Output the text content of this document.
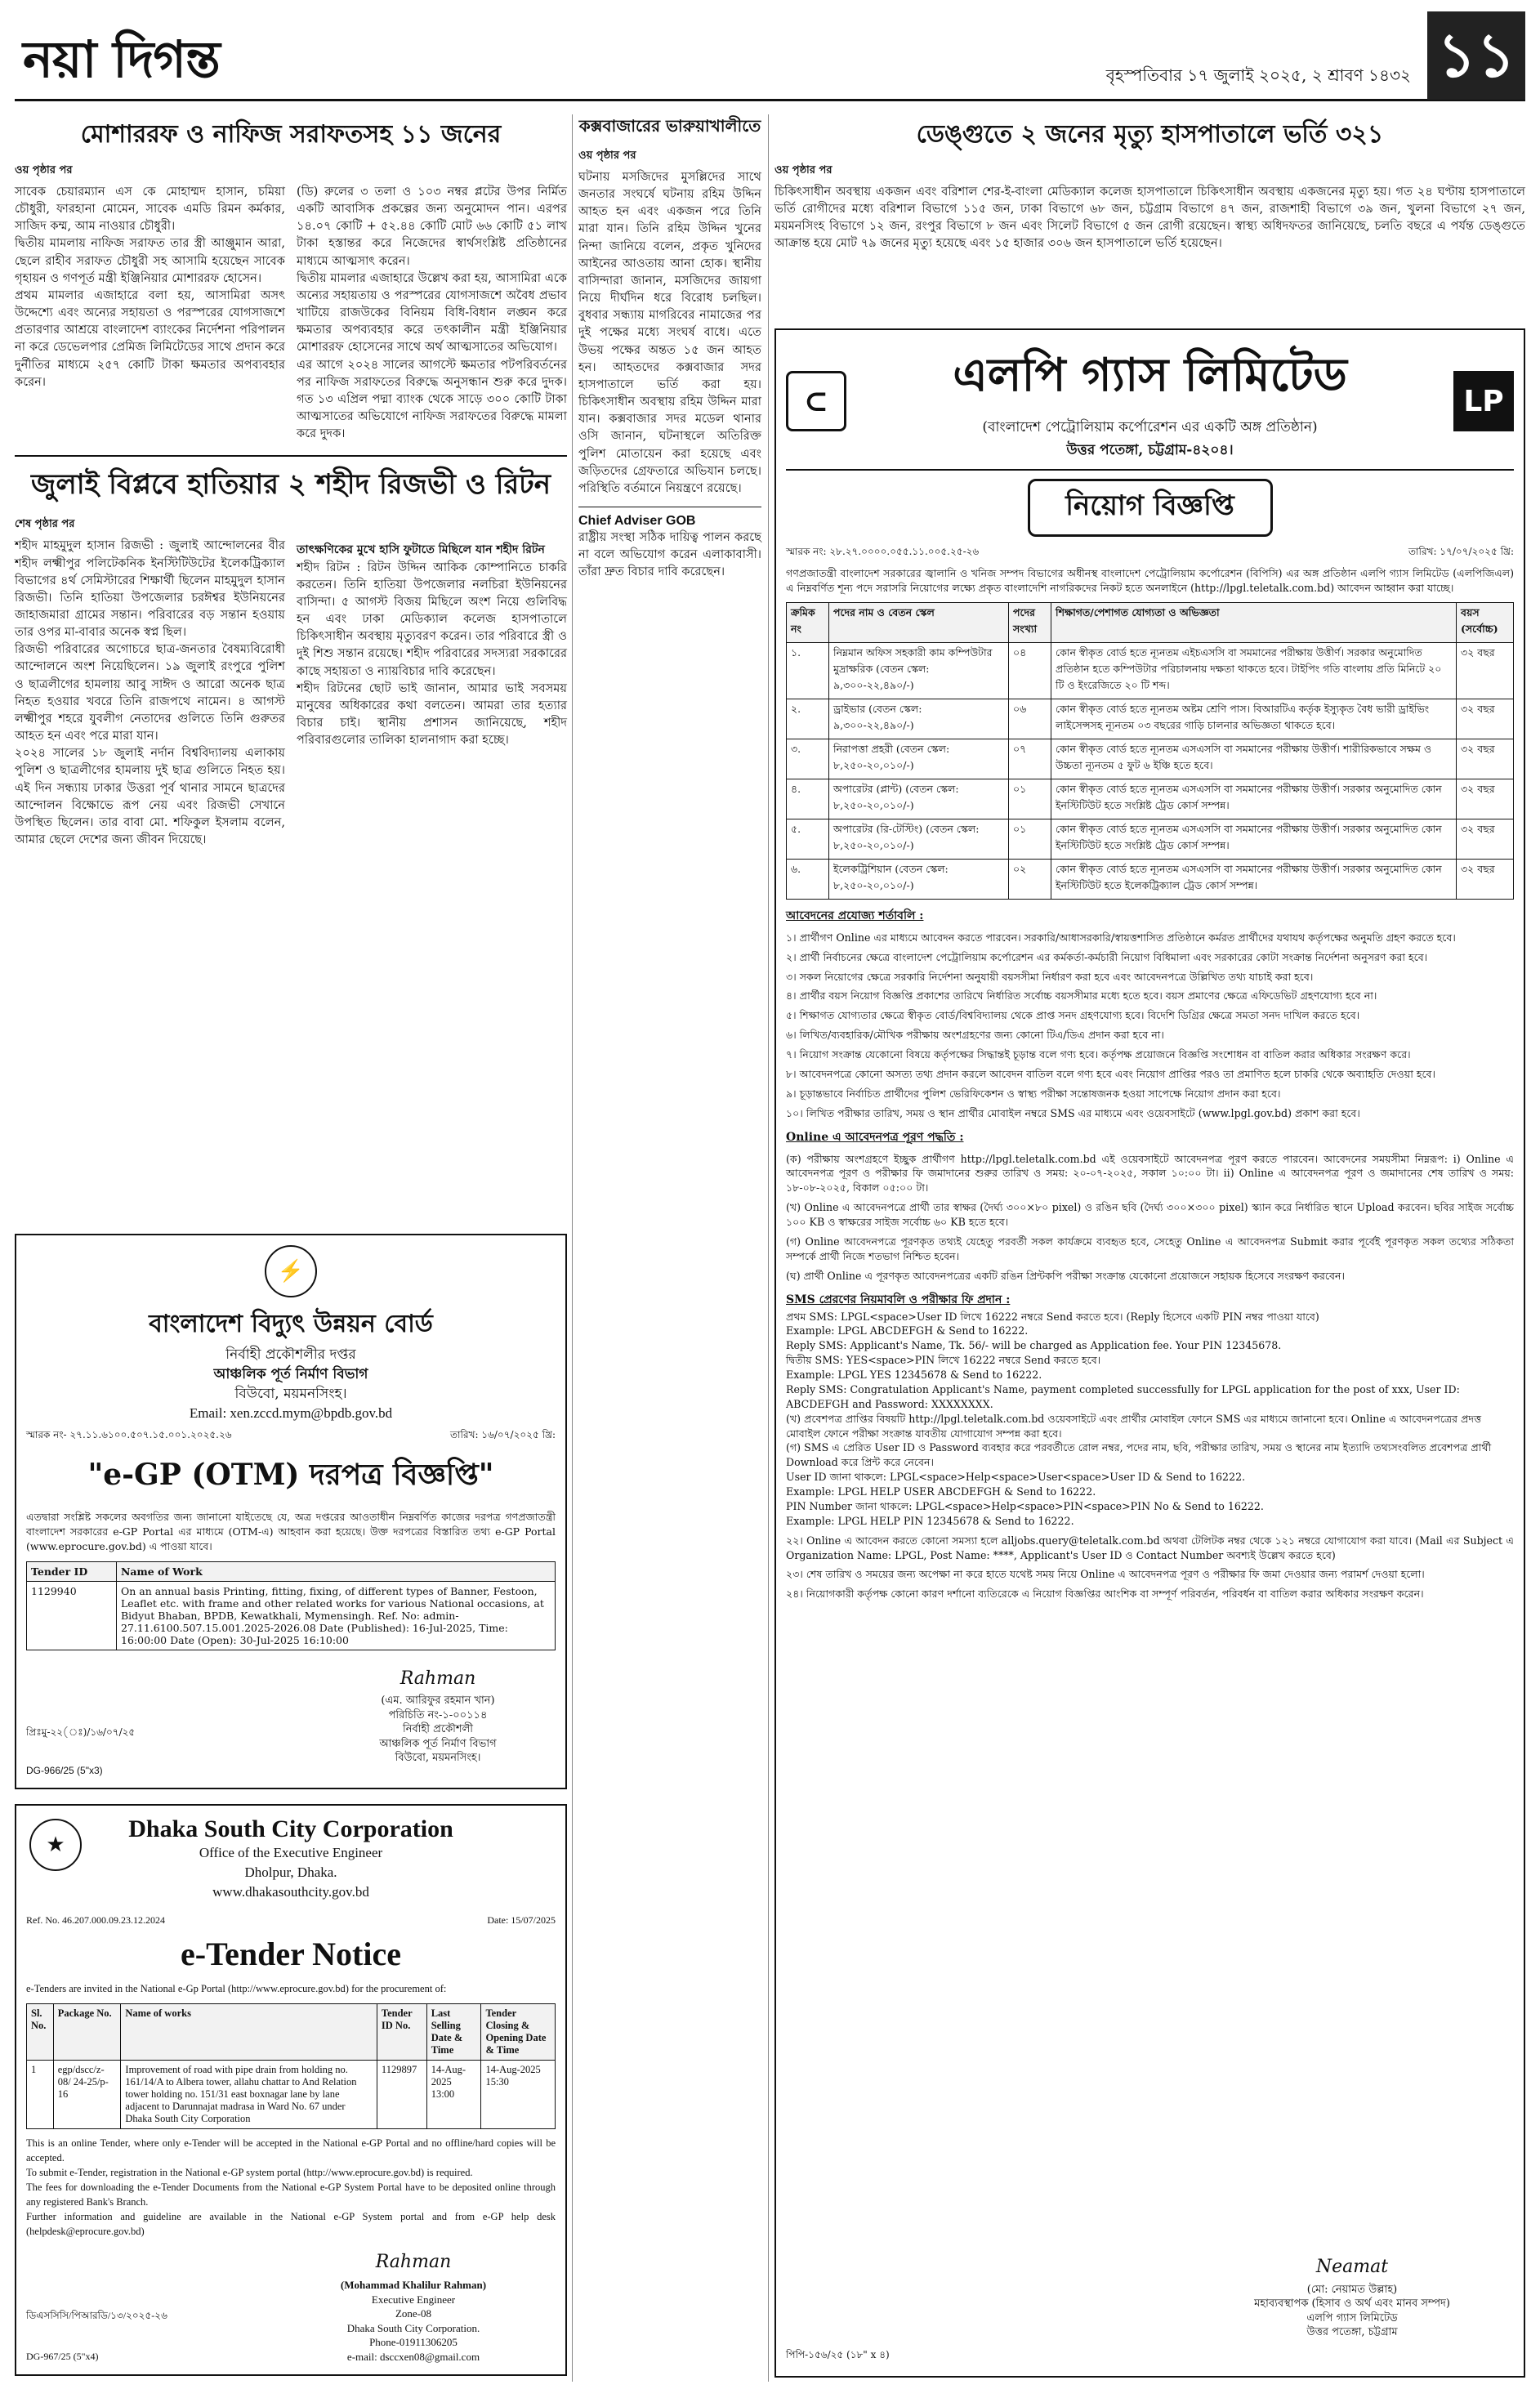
নয়া দিগন্ত	বৃহস্পতিবার ১৭ জুলাই ২০২৫, ২ শ্রাবণ ১৪৩২ ১১
মোশাররফ ও নাফিজ সরাফতসহ ১১ জনের
ওয় পৃষ্ঠার পর

সাবেক চেয়ারম্যান এস কে মোহাম্মদ হাসান, চমিয়া চৌধুরী, ফারহানা মোমেন, সাবেক এমডি রিমন কর্মকার, সাজিদ কম্ম, আম নাওয়ার চৌধুরী।

দ্বিতীয় মামলায় নাফিজ সরাফত তার স্ত্রী আঞ্জুমান আরা, ছেলে রাহীব সরাফত চৌধুরী সহ আসামি হয়েছেন সাবেক গৃহায়ন ও গণপূর্ত মন্ত্রী ইঞ্জিনিয়ার মোশাররফ হোসেন।

প্রথম মামলার এজাহারে বলা হয়, আসামিরা অসৎ উদ্দেশ্যে এবং অন্যের সহায়তা ও পরস্পরের যোগসাজশে প্রতারণার আশ্রয়ে বাংলাদেশ ব্যাংকের নির্দেশনা পরিপালন না করে ডেভেলপার প্রেমিজ লিমিটেডের সাথে প্রদান করে দুর্নীতির মাধ্যমে ২৫৭ কোটি টাকা ক্ষমতার অপব্যবহার করেন।

(ডি) রুলের ৩ তলা ও ১০৩ নম্বর প্লটের উপর নির্মিত একটি আবাসিক প্রকল্পের জন্য অনুমোদন পান। এরপর ১৪.০৭ কোটি + ৫২.৪৪ কোটি মোট ৬৬ কোটি ৫১ লাখ টাকা হস্তান্তর করে নিজেদের স্বার্থসংশ্লিষ্ট প্রতিষ্ঠানের মাধ্যমে আত্মসাৎ করেন।

দ্বিতীয় মামলার এজাহারে উল্লেখ করা হয়, আসামিরা একে অন্যের সহায়তায় ও পরস্পরের যোগসাজশে অবৈধ প্রভাব খাটিয়ে রাজউকের বিনিয়ম বিধি-বিধান লঙ্ঘন করে ক্ষমতার অপব্যবহার করে তৎকালীন মন্ত্রী ইঞ্জিনিয়ার মোশাররফ হোসেনের সাথে অর্থ আত্মসাতের অভিযোগ।

এর আগে ২০২৪ সালের আগস্টে ক্ষমতার পটপরিবর্তনের পর নাফিজ সরাফতের বিরুদ্ধে অনুসন্ধান শুরু করে দুদক। গত ১৩ এপ্রিল পদ্মা ব্যাংক থেকে সাড়ে ৩০০ কোটি টাকা আত্মসাতের অভিযোগে নাফিজ সরাফতের বিরুদ্ধে মামলা করে দুদক।

জুলাই বিপ্লবে হাতিয়ার ২ শহীদ রিজভী ও রিটন
শেষ পৃষ্ঠার পর

শহীদ মাহমুদুল হাসান রিজভী : জুলাই আন্দোলনের বীর শহীদ লক্ষ্মীপুর পলিটেকনিক ইনস্টিটিউটের ইলেকট্রিক্যাল বিভাগের ৪র্থ সেমিস্টারের শিক্ষার্থী ছিলেন মাহমুদুল হাসান রিজভী। তিনি হাতিয়া উপজেলার চরঈশ্বর ইউনিয়নের জাহাজমারা গ্রামের সন্তান। পরিবারের বড় সন্তান হওয়ায় তার ওপর মা-বাবার অনেক স্বপ্ন ছিল।

রিজভী পরিবারের অগোচরে ছাত্র-জনতার বৈষম্যবিরোধী আন্দোলনে অংশ নিয়েছিলেন। ১৯ জুলাই রংপুরে পুলিশ ও ছাত্রলীগের হামলায় আবু সাঈদ ও আরো অনেক ছাত্র নিহত হওয়ার খবরে তিনি রাজপথে নামেন। ৪ আগস্ট লক্ষ্মীপুর শহরে যুবলীগ নেতাদের গুলিতে তিনি গুরুতর আহত হন এবং পরে মারা যান।

২০২৪ সালের ১৮ জুলাই নর্দান বিশ্ববিদ্যালয় এলাকায় পুলিশ ও ছাত্রলীগের হামলায় দুই ছাত্র গুলিতে নিহত হয়। এই দিন সন্ধ্যায় ঢাকার উত্তরা পূর্ব থানার সামনে ছাত্রদের আন্দোলন বিক্ষোভে রূপ নেয় এবং রিজভী সেখানে উপস্থিত ছিলেন। তার বাবা মো. শফিকুল ইসলাম বলেন, আমার ছেলে দেশের জন্য জীবন দিয়েছে।

তাৎক্ষণিকের মুখে হাসি ফুটাতে মিছিলে যান শহীদ রিটন

শহীদ রিটন : রিটন উদ্দিন আকিক কোম্পানিতে চাকরি করতেন। তিনি হাতিয়া উপজেলার নলচিরা ইউনিয়নের বাসিন্দা। ৫ আগস্ট বিজয় মিছিলে অংশ নিয়ে গুলিবিদ্ধ হন এবং ঢাকা মেডিক্যাল কলেজ হাসপাতালে চিকিৎসাধীন অবস্থায় মৃত্যুবরণ করেন। তার পরিবারে স্ত্রী ও দুই শিশু সন্তান রয়েছে। শহীদ পরিবারের সদস্যরা সরকারের কাছে সহায়তা ও ন্যায়বিচার দাবি করেছেন।

শহীদ রিটনের ছোট ভাই জানান, আমার ভাই সবসময় মানুষের অধিকারের কথা বলতেন। আমরা তার হত্যার বিচার চাই। স্থানীয় প্রশাসন জানিয়েছে, শহীদ পরিবারগুলোর তালিকা হালনাগাদ করা হচ্ছে।

⚡
বাংলাদেশ বিদ্যুৎ উন্নয়ন বোর্ড
নির্বাহী প্রকৌশলীর দপ্তর
আঞ্চলিক পূর্ত নির্মাণ বিভাগ
বিউবো, ময়মনসিংহ।
Email: xen.zccd.mym@bpdb.gov.bd
স্মারক নং- ২৭.১১.৬১০০.৫০৭.১৫.০০১.২০২৫.২৬	তারিখ: ১৬/০৭/২০২৫ খ্রি:
"e-GP (OTM) দরপত্র বিজ্ঞপ্তি"

এতদ্বারা সংশ্লিষ্ট সকলের অবগতির জন্য জানানো যাইতেছে যে, অত্র দপ্তরের আওতাধীন নিম্নবর্ণিত কাজের দরপত্র গণপ্রজাতন্ত্রী বাংলাদেশ সরকারের e-GP Portal এর মাধ্যমে (OTM-এ) আহবান করা হয়েছে। উক্ত দরপত্রের বিস্তারিত তথ্য e-GP Portal (www.eprocure.gov.bd) এ পাওয়া যাবে।

Tender ID	Name of Work
1129940	On an annual basis Printing, fitting, fixing, of different types of Banner, Festoon, Leaflet etc. with frame and other related works for various National occasions, at Bidyut Bhaban, BPDB, Kewatkhali, Mymensingh. Ref. No: admin-27.11.6100.507.15.001.2025-2026.08 Date (Published): 16-Jul-2025, Time: 16:00:00 Date (Open): 30-Jul-2025 16:10:00
Rahman
(এম. আরিফুর রহমান খান)
পরিচিতি নং-১-০০১১৪
নির্বাহী প্রকৌশলী
আঞ্চলিক পূর্ত নির্মাণ বিভাগ
বিউবো, ময়মনসিংহ।
প্রিঃমু-২২(ঃ)/১৬/০৭/২৫
DG-966/25 (5"x3)
★
Dhaka South City Corporation
Office of the Executive Engineer
Dholpur, Dhaka.
www.dhakasouthcity.gov.bd
Ref. No. 46.207.000.09.23.12.2024	Date: 15/07/2025
e-Tender Notice

e-Tenders are invited in the National e-Gp Portal (http://www.eprocure.gov.bd) for the procurement of:

Sl. No.	Package No.	Name of works	Tender ID No.	Last Selling Date & Time	Tender Closing & Opening Date & Time
1	egp/dscc/z-08/ 24-25/p-16	Improvement of road with pipe drain from holding no. 161/14/A to Albera tower, allahu chattar to And Relation tower holding no. 151/31 east boxnagar lane by lane adjacent to Darunnajat madrasa in Ward No. 67 under Dhaka South City Corporation	1129897	14-Aug-2025 13:00	14-Aug-2025 15:30

This is an online Tender, where only e-Tender will be accepted in the National e-GP Portal and no offline/hard copies will be accepted.

To submit e-Tender, registration in the National e-GP system portal (http://www.eprocure.gov.bd) is required.

The fees for downloading the e-Tender Documents from the National e-GP System Portal have to be deposited online through any registered Bank's Branch.

Further information and guideline are available in the National e-GP System portal and from e-GP help desk (helpdesk@eprocure.gov.bd)

Rahman
(Mohammad Khalilur Rahman)
Executive Engineer
Zone-08
Dhaka South City Corporation.
Phone-01911306205
e-mail: dsccxen08@gmail.com
ডিএসসিসি/পিআরডি/১৩/২০২৫-২৬
DG-967/25 (5"x4)
কক্সবাজারের ভারুয়াখালীতে
ওয় পৃষ্ঠার পর

ঘটনায় মসজিদের মুসল্লিদের সাথে জনতার সংঘর্ষে ঘটনায় রহিম উদ্দিন আহত হন এবং একজন পরে তিনি মারা যান। তিনি রহিম উদ্দিন খুনের নিন্দা জানিয়ে বলেন, প্রকৃত খুনিদের আইনের আওতায় আনা হোক। স্থানীয় বাসিন্দারা জানান, মসজিদের জায়গা নিয়ে দীর্ঘদিন ধরে বিরোধ চলছিল। বুধবার সন্ধ্যায় মাগরিবের নামাজের পর দুই পক্ষের মধ্যে সংঘর্ষ বাধে। এতে উভয় পক্ষের অন্তত ১৫ জন আহত হন। আহতদের কক্সবাজার সদর হাসপাতালে ভর্তি করা হয়। চিকিৎসাধীন অবস্থায় রহিম উদ্দিন মারা যান। কক্সবাজার সদর মডেল থানার ওসি জানান, ঘটনাস্থলে অতিরিক্ত পুলিশ মোতায়েন করা হয়েছে এবং জড়িতদের গ্রেফতারে অভিযান চলছে। পরিস্থিতি বর্তমানে নিয়ন্ত্রণে রয়েছে।

Chief Adviser GOB

রাষ্ট্রীয় সংস্থা সঠিক দায়িত্ব পালন করছে না বলে অভিযোগ করেন এলাকাবাসী। তাঁরা দ্রুত বিচার দাবি করেছেন।

ডেঙ্গুতে ২ জনের মৃত্যু হাসপাতালে ভর্তি ৩২১
ওয় পৃষ্ঠার পর

চিকিৎসাধীন অবস্থায় একজন এবং বরিশাল শের-ই-বাংলা মেডিক্যাল কলেজ হাসপাতালে চিকিৎসাধীন অবস্থায় একজনের মৃত্যু হয়। গত ২৪ ঘণ্টায় হাসপাতালে ভর্তি রোগীদের মধ্যে বরিশাল বিভাগে ১১৫ জন, ঢাকা বিভাগে ৬৮ জন, চট্টগ্রাম বিভাগে ৪৭ জন, রাজশাহী বিভাগে ৩৯ জন, খুলনা বিভাগে ২৭ জন, ময়মনসিংহ বিভাগে ১২ জন, রংপুর বিভাগে ৮ জন এবং সিলেট বিভাগে ৫ জন রোগী রয়েছেন। স্বাস্থ্য অধিদফতর জানিয়েছে, চলতি বছরে এ পর্যন্ত ডেঙ্গুতে আক্রান্ত হয়ে মোট ৭৯ জনের মৃত্যু হয়েছে এবং ১৫ হাজার ৩০৬ জন হাসপাতালে ভর্তি হয়েছেন।

⊂	এলপি গ্যাস লিমিটেড
(বাংলাদেশ পেট্রোলিয়াম কর্পোরেশন এর একটি অঙ্গ প্রতিষ্ঠান)
উত্তর পতেঙ্গা, চট্টগ্রাম-৪২০৪।
LP
নিয়োগ বিজ্ঞপ্তি
স্মারক নং: ২৮.২৭.০০০০.০৫৫.১১.০০৫.২৫-২৬	তারিখ: ১৭/০৭/২০২৫ খ্রি:

গণপ্রজাতন্ত্রী বাংলাদেশ সরকারের জ্বালানি ও খনিজ সম্পদ বিভাগের অধীনস্থ বাংলাদেশ পেট্রোলিয়াম কর্পোরেশন (বিপিসি) এর অঙ্গ প্রতিষ্ঠান এলপি গ্যাস লিমিটেড (এলপিজিএল) এ নিম্নবর্ণিত শূন্য পদে সরাসরি নিয়োগের লক্ষ্যে প্রকৃত বাংলাদেশি নাগরিকদের নিকট হতে অনলাইনে (http://lpgl.teletalk.com.bd) আবেদন আহ্বান করা যাচ্ছে।

ক্রমিক নং	পদের নাম ও বেতন স্কেল	পদের সংখ্যা	শিক্ষাগত/পেশাগত যোগ্যতা ও অভিজ্ঞতা	বয়স (সর্বোচ্চ)
১.	নিম্নমান অফিস সহকারী কাম কম্পিউটার মুদ্রাক্ষরিক (বেতন স্কেল: ৯,৩০০-২২,৪৯০/-)	০৪	কোন স্বীকৃত বোর্ড হতে ন্যূনতম এইচএসসি বা সমমানের পরীক্ষায় উত্তীর্ণ। সরকার অনুমোদিত প্রতিষ্ঠান হতে কম্পিউটার পরিচালনায় দক্ষতা থাকতে হবে। টাইপিং গতি বাংলায় প্রতি মিনিটে ২০ টি ও ইংরেজিতে ২০ টি শব্দ।	৩২ বছর
২.	ড্রাইভার (বেতন স্কেল: ৯,৩০০-২২,৪৯০/-)	০৬	কোন স্বীকৃত বোর্ড হতে ন্যূনতম অষ্টম শ্রেণি পাস। বিআরটিএ কর্তৃক ইস্যুকৃত বৈধ ভারী ড্রাইভিং লাইসেন্সসহ ন্যূনতম ০৩ বছরের গাড়ি চালনার অভিজ্ঞতা থাকতে হবে।	৩২ বছর
৩.	নিরাপত্তা প্রহরী (বেতন স্কেল: ৮,২৫০-২০,০১০/-)	০৭	কোন স্বীকৃত বোর্ড হতে ন্যূনতম এসএসসি বা সমমানের পরীক্ষায় উত্তীর্ণ। শারীরিকভাবে সক্ষম ও উচ্চতা ন্যূনতম ৫ ফুট ৬ ইঞ্চি হতে হবে।	৩২ বছর
৪.	অপারেটর (প্লান্ট) (বেতন স্কেল: ৮,২৫০-২০,০১০/-)	০১	কোন স্বীকৃত বোর্ড হতে ন্যূনতম এসএসসি বা সমমানের পরীক্ষায় উত্তীর্ণ। সরকার অনুমোদিত কোন ইনস্টিটিউট হতে সংশ্লিষ্ট ট্রেড কোর্স সম্পন্ন।	৩২ বছর
৫.	অপারেটর (রি-টেস্টিং) (বেতন স্কেল: ৮,২৫০-২০,০১০/-)	০১	কোন স্বীকৃত বোর্ড হতে ন্যূনতম এসএসসি বা সমমানের পরীক্ষায় উত্তীর্ণ। সরকার অনুমোদিত কোন ইনস্টিটিউট হতে সংশ্লিষ্ট ট্রেড কোর্স সম্পন্ন।	৩২ বছর
৬.	ইলেকট্রিশিয়ান (বেতন স্কেল: ৮,২৫০-২০,০১০/-)	০২	কোন স্বীকৃত বোর্ড হতে ন্যূনতম এসএসসি বা সমমানের পরীক্ষায় উত্তীর্ণ। সরকার অনুমোদিত কোন ইনস্টিটিউট হতে ইলেকট্রিক্যাল ট্রেড কোর্স সম্পন্ন।	৩২ বছর
আবেদনের প্রযোজ্য শর্তাবলি :

১। প্রার্থীগণ Online এর মাধ্যমে আবেদন করতে পারবেন। সরকারি/আধাসরকারি/স্বায়ত্তশাসিত প্রতিষ্ঠানে কর্মরত প্রার্থীদের যথাযথ কর্তৃপক্ষের অনুমতি গ্রহণ করতে হবে।

২। প্রার্থী নির্বাচনের ক্ষেত্রে বাংলাদেশ পেট্রোলিয়াম কর্পোরেশন এর কর্মকর্তা-কর্মচারী নিয়োগ বিধিমালা এবং সরকারের কোটা সংক্রান্ত নির্দেশনা অনুসরণ করা হবে।

৩। সকল নিয়োগের ক্ষেত্রে সরকারি নির্দেশনা অনুযায়ী বয়সসীমা নির্ধারণ করা হবে এবং আবেদনপত্রে উল্লিখিত তথ্য যাচাই করা হবে।

৪। প্রার্থীর বয়স নিয়োগ বিজ্ঞপ্তি প্রকাশের তারিখে নির্ধারিত সর্বোচ্চ বয়সসীমার মধ্যে হতে হবে। বয়স প্রমাণের ক্ষেত্রে এফিডেভিট গ্রহণযোগ্য হবে না।

৫। শিক্ষাগত যোগ্যতার ক্ষেত্রে স্বীকৃত বোর্ড/বিশ্ববিদ্যালয় থেকে প্রাপ্ত সনদ গ্রহণযোগ্য হবে। বিদেশি ডিগ্রির ক্ষেত্রে সমতা সনদ দাখিল করতে হবে।

৬। লিখিত/ব্যবহারিক/মৌখিক পরীক্ষায় অংশগ্রহণের জন্য কোনো টিএ/ডিএ প্রদান করা হবে না।

৭। নিয়োগ সংক্রান্ত যেকোনো বিষয়ে কর্তৃপক্ষের সিদ্ধান্তই চূড়ান্ত বলে গণ্য হবে। কর্তৃপক্ষ প্রয়োজনে বিজ্ঞপ্তি সংশোধন বা বাতিল করার অধিকার সংরক্ষণ করে।

৮। আবেদনপত্রে কোনো অসত্য তথ্য প্রদান করলে আবেদন বাতিল বলে গণ্য হবে এবং নিয়োগ প্রাপ্তির পরও তা প্রমাণিত হলে চাকরি থেকে অব্যাহতি দেওয়া হবে।

৯। চূড়ান্তভাবে নির্বাচিত প্রার্থীদের পুলিশ ভেরিফিকেশন ও স্বাস্থ্য পরীক্ষা সন্তোষজনক হওয়া সাপেক্ষে নিয়োগ প্রদান করা হবে।

১০। লিখিত পরীক্ষার তারিখ, সময় ও স্থান প্রার্থীর মোবাইল নম্বরে SMS এর মাধ্যমে এবং ওয়েবসাইটে (www.lpgl.gov.bd) প্রকাশ করা হবে।

Online এ আবেদনপত্র পূরণ পদ্ধতি :

(ক) পরীক্ষায় অংশগ্রহণে ইচ্ছুক প্রার্থীগণ http://lpgl.teletalk.com.bd এই ওয়েবসাইটে আবেদনপত্র পূরণ করতে পারবেন। আবেদনের সময়সীমা নিম্নরূপ: i) Online এ আবেদনপত্র পূরণ ও পরীক্ষার ফি জমাদানের শুরুর তারিখ ও সময়: ২০-০৭-২০২৫, সকাল ১০:০০ টা। ii) Online এ আবেদনপত্র পূরণ ও জমাদানের শেষ তারিখ ও সময়: ১৮-০৮-২০২৫, বিকাল ০৫:০০ টা।

(খ) Online এ আবেদনপত্রে প্রার্থী তার স্বাক্ষর (দৈর্ঘ্য ৩০০×৮০ pixel) ও রঙিন ছবি (দৈর্ঘ্য ৩০০×৩০০ pixel) স্ক্যান করে নির্ধারিত স্থানে Upload করবেন। ছবির সাইজ সর্বোচ্চ ১০০ KB ও স্বাক্ষরের সাইজ সর্বোচ্চ ৬০ KB হতে হবে।

(গ) Online আবেদনপত্রে পূরণকৃত তথ্যই যেহেতু পরবর্তী সকল কার্যক্রমে ব্যবহৃত হবে, সেহেতু Online এ আবেদনপত্র Submit করার পূর্বেই পূরণকৃত সকল তথ্যের সঠিকতা সম্পর্কে প্রার্থী নিজে শতভাগ নিশ্চিত হবেন।

(ঘ) প্রার্থী Online এ পূরণকৃত আবেদনপত্রের একটি রঙিন প্রিন্টকপি পরীক্ষা সংক্রান্ত যেকোনো প্রয়োজনে সহায়ক হিসেবে সংরক্ষণ করবেন।

SMS প্রেরণের নিয়মাবলি ও পরীক্ষার ফি প্রদান :

প্রথম SMS: LPGL<space>User ID লিখে 16222 নম্বরে Send করতে হবে। (Reply হিসেবে একটি PIN নম্বর পাওয়া যাবে)

Example: LPGL ABCDEFGH & Send to 16222.

Reply SMS: Applicant's Name, Tk. 56/- will be charged as Application fee. Your PIN 12345678.

দ্বিতীয় SMS: YES<space>PIN লিখে 16222 নম্বরে Send করতে হবে।

Example: LPGL YES 12345678 & Send to 16222.

Reply SMS: Congratulation Applicant's Name, payment completed successfully for LPGL application for the post of xxx, User ID: ABCDEFGH and Password: XXXXXXXX.

(খ) প্রবেশপত্র প্রাপ্তির বিষয়টি http://lpgl.teletalk.com.bd ওয়েবসাইটে এবং প্রার্থীর মোবাইল ফোনে SMS এর মাধ্যমে জানানো হবে। Online এ আবেদনপত্রের প্রদত্ত মোবাইল ফোনে পরীক্ষা সংক্রান্ত যাবতীয় যোগাযোগ সম্পন্ন করা হবে।

(গ) SMS এ প্রেরিত User ID ও Password ব্যবহার করে পরবর্তীতে রোল নম্বর, পদের নাম, ছবি, পরীক্ষার তারিখ, সময় ও স্থানের নাম ইত্যাদি তথ্যসংবলিত প্রবেশপত্র প্রার্থী Download করে প্রিন্ট করে নেবেন।

User ID জানা থাকলে: LPGL<space>Help<space>User<space>User ID & Send to 16222.

Example: LPGL HELP USER ABCDEFGH & Send to 16222.

PIN Number জানা থাকলে: LPGL<space>Help<space>PIN<space>PIN No & Send to 16222.

Example: LPGL HELP PIN 12345678 & Send to 16222.

২২। Online এ আবেদন করতে কোনো সমস্যা হলে alljobs.query@teletalk.com.bd অথবা টেলিটক নম্বর থেকে ১২১ নম্বরে যোগাযোগ করা যাবে। (Mail এর Subject এ Organization Name: LPGL, Post Name: ****, Applicant's User ID ও Contact Number অবশ্যই উল্লেখ করতে হবে)

২৩। শেষ তারিখ ও সময়ের জন্য অপেক্ষা না করে হাতে যথেষ্ট সময় নিয়ে Online এ আবেদনপত্র পূরণ ও পরীক্ষার ফি জমা দেওয়ার জন্য পরামর্শ দেওয়া হলো।

২৪। নিয়োগকারী কর্তৃপক্ষ কোনো কারণ দর্শানো ব্যতিরেকে এ নিয়োগ বিজ্ঞপ্তির আংশিক বা সম্পূর্ণ পরিবর্তন, পরিবর্ধন বা বাতিল করার অধিকার সংরক্ষণ করেন।

Neamat
(মো: নেয়ামত উল্লাহ)
মহাব্যবস্থাপক (হিসাব ও অর্থ এবং মানব সম্পদ)
এলপি গ্যাস লিমিটেড
উত্তর পতেঙ্গা, চট্টগ্রাম
পিপি-১৫৬/২৫ (১৮" x ৪)
